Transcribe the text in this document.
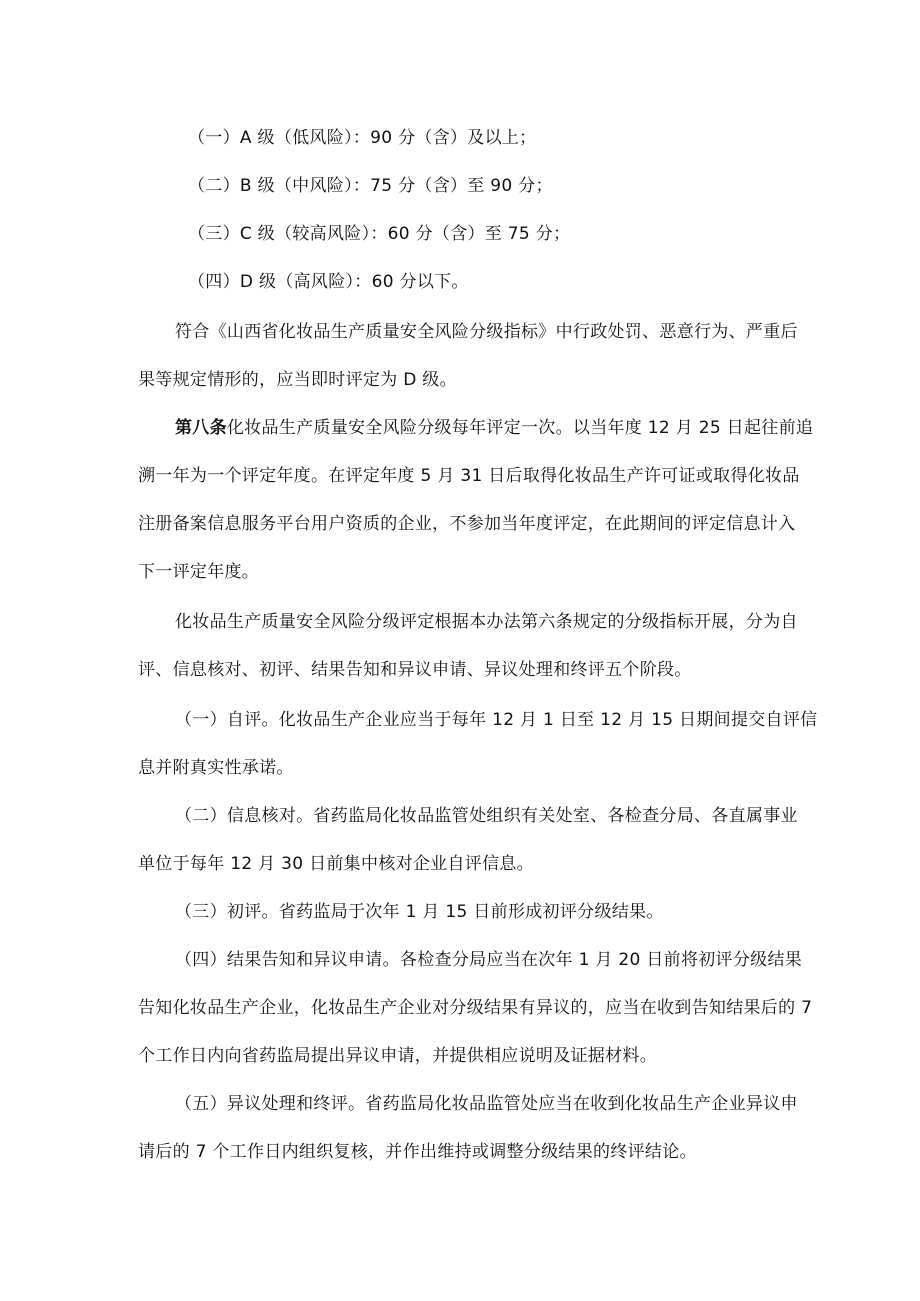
（一）A 级（低风险）：90 分（含）及以上；

（二）B 级（中风险）：75 分（含）至 90 分；

（三）C 级（较高风险）：60 分（含）至 75 分；

（四）D 级（高风险）：60 分以下。

符合《山西省化妆品生产质量安全风险分级指标》中行政处罚、恶意行为、严重后

果等规定情形的，应当即时评定为 D 级。

第八条化妆品生产质量安全风险分级每年评定一次。以当年度 12 月 25 日起往前追

溯一年为一个评定年度。在评定年度 5 月 31 日后取得化妆品生产许可证或取得化妆品

注册备案信息服务平台用户资质的企业，不参加当年度评定，在此期间的评定信息计入

下一评定年度。

化妆品生产质量安全风险分级评定根据本办法第六条规定的分级指标开展，分为自

评、信息核对、初评、结果告知和异议申请、异议处理和终评五个阶段。

（一）自评。化妆品生产企业应当于每年 12 月 1 日至 12 月 15 日期间提交自评信

息并附真实性承诺。

（二）信息核对。省药监局化妆品监管处组织有关处室、各检查分局、各直属事业

单位于每年 12 月 30 日前集中核对企业自评信息。

（三）初评。省药监局于次年 1 月 15 日前形成初评分级结果。

（四）结果告知和异议申请。各检查分局应当在次年 1 月 20 日前将初评分级结果

告知化妆品生产企业，化妆品生产企业对分级结果有异议的，应当在收到告知结果后的 7

个工作日内向省药监局提出异议申请，并提供相应说明及证据材料。

（五）异议处理和终评。省药监局化妆品监管处应当在收到化妆品生产企业异议申

请后的 7 个工作日内组织复核，并作出维持或调整分级结果的终评结论。
